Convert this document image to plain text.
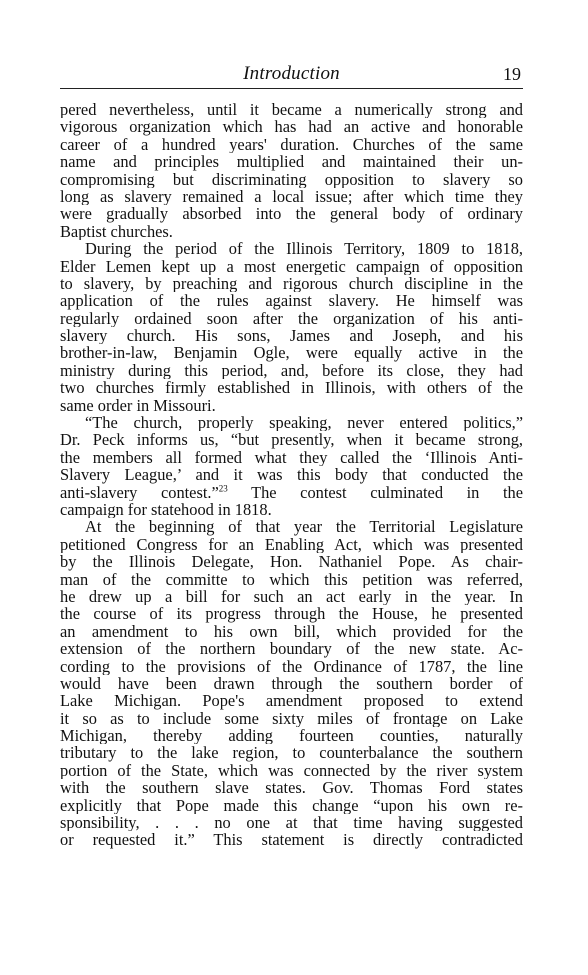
Introduction	19
pered nevertheless, until it became a numerically strong and
vigorous organization which has had an active and honorable
career of a hundred years' duration. Churches of the same
name and principles multiplied and maintained their un-
compromising but discriminating opposition to slavery so
long as slavery remained a local issue; after which time they
were gradually absorbed into the general body of ordinary
Baptist churches.
During the period of the Illinois Territory, 1809 to 1818,
Elder Lemen kept up a most energetic campaign of opposition
to slavery, by preaching and rigorous church discipline in the
application of the rules against slavery. He himself was
regularly ordained soon after the organization of his anti-
slavery church. His sons, James and Joseph, and his
brother-in-law, Benjamin Ogle, were equally active in the
ministry during this period, and, before its close, they had
two churches firmly established in Illinois, with others of the
same order in Missouri.
“The church, properly speaking, never entered politics,”
Dr. Peck informs us, “but presently, when it became strong,
the members all formed what they called the ‘Illinois Anti-
Slavery League,’ and it was this body that conducted the
anti-slavery contest.”$^{23}$ The contest culminated in the
campaign for statehood in 1818.
At the beginning of that year the Territorial Legislature
petitioned Congress for an Enabling Act, which was presented
by the Illinois Delegate, Hon. Nathaniel Pope. As chair-
man of the committe to which this petition was referred,
he drew up a bill for such an act early in the year. In
the course of its progress through the House, he presented
an amendment to his own bill, which provided for the
extension of the northern boundary of the new state. Ac-
cording to the provisions of the Ordinance of 1787, the line
would have been drawn through the southern border of
Lake Michigan. Pope's amendment proposed to extend
it so as to include some sixty miles of frontage on Lake
Michigan, thereby adding fourteen counties, naturally
tributary to the lake region, to counterbalance the southern
portion of the State, which was connected by the river system
with the southern slave states. Gov. Thomas Ford states
explicitly that Pope made this change “upon his own re-
sponsibility, . . . no one at that time having suggested
or requested it.” This statement is directly contradicted
